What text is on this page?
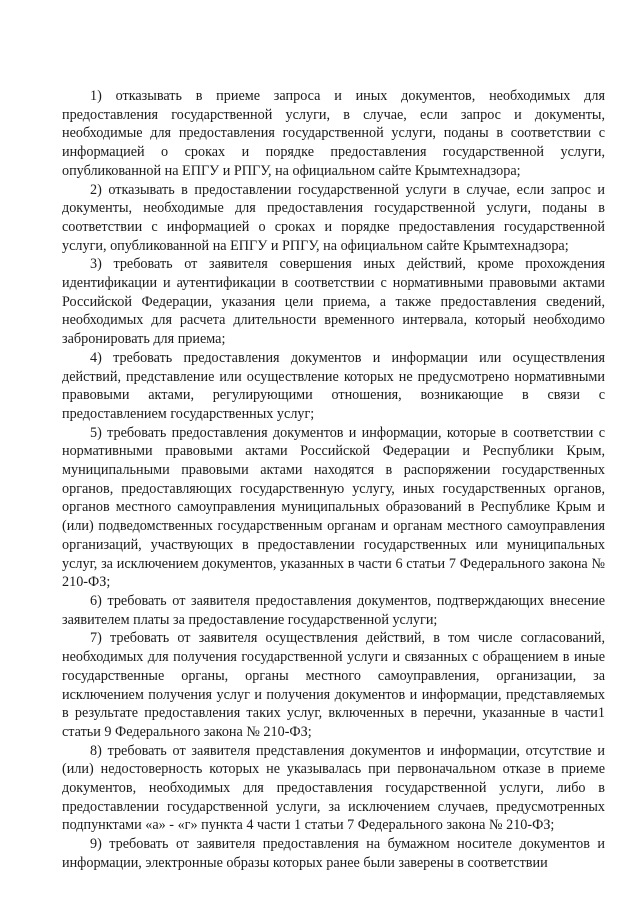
1) отказывать в приеме запроса и иных документов, необходимых для предоставления государственной услуги, в случае, если запрос и документы, необходимые для предоставления государственной услуги, поданы в соответствии с информацией о сроках и порядке предоставления государственной услуги, опубликованной на ЕПГУ и РПГУ, на официальном сайте Крымтехнадзора;

2) отказывать в предоставлении государственной услуги в случае, если запрос и документы, необходимые для предоставления государственной услуги, поданы в соответствии с информацией о сроках и порядке предоставления государственной услуги, опубликованной на ЕПГУ и РПГУ, на официальном сайте Крымтехнадзора;

3) требовать от заявителя совершения иных действий, кроме прохождения идентификации и аутентификации в соответствии с нормативными правовыми актами Российской Федерации, указания цели приема, а также предоставления сведений, необходимых для расчета длительности временного интервала, который необходимо забронировать для приема;

4) требовать предоставления документов и информации или осуществления действий, представление или осуществление которых не предусмотрено нормативными правовыми актами, регулирующими отношения, возникающие в связи с предоставлением государственных услуг;

5) требовать предоставления документов и информации, которые в соответствии с нормативными правовыми актами Российской Федерации и Республики Крым, муниципальными правовыми актами находятся в распоряжении государственных органов, предоставляющих государственную услугу, иных государственных органов, органов местного самоуправления муниципальных образований в Республике Крым и (или) подведомственных государственным органам и органам местного самоуправления организаций, участвующих в предоставлении государственных или муниципальных услуг, за исключением документов, указанных в части 6 статьи 7 Федерального закона № 210-ФЗ;

6) требовать от заявителя предоставления документов, подтверждающих внесение заявителем платы за предоставление государственной услуги;

7) требовать от заявителя осуществления действий, в том числе согласований, необходимых для получения государственной услуги и связанных с обращением в иные государственные органы, органы местного самоуправления, организации, за исключением получения услуг и получения документов и информации, представляемых в результате предоставления таких услуг, включенных в перечни, указанные в части1 статьи 9 Федерального закона № 210-ФЗ;

8) требовать от заявителя представления документов и информации, отсутствие и (или) недостоверность которых не указывалась при первоначальном отказе в приеме документов, необходимых для предоставления государственной услуги, либо в предоставлении государственной услуги, за исключением случаев, предусмотренных подпунктами «а» - «г» пункта 4 части 1 статьи 7 Федерального закона № 210-ФЗ;

9) требовать от заявителя предоставления на бумажном носителе документов и информации, электронные образы которых ранее были заверены в соответствии
